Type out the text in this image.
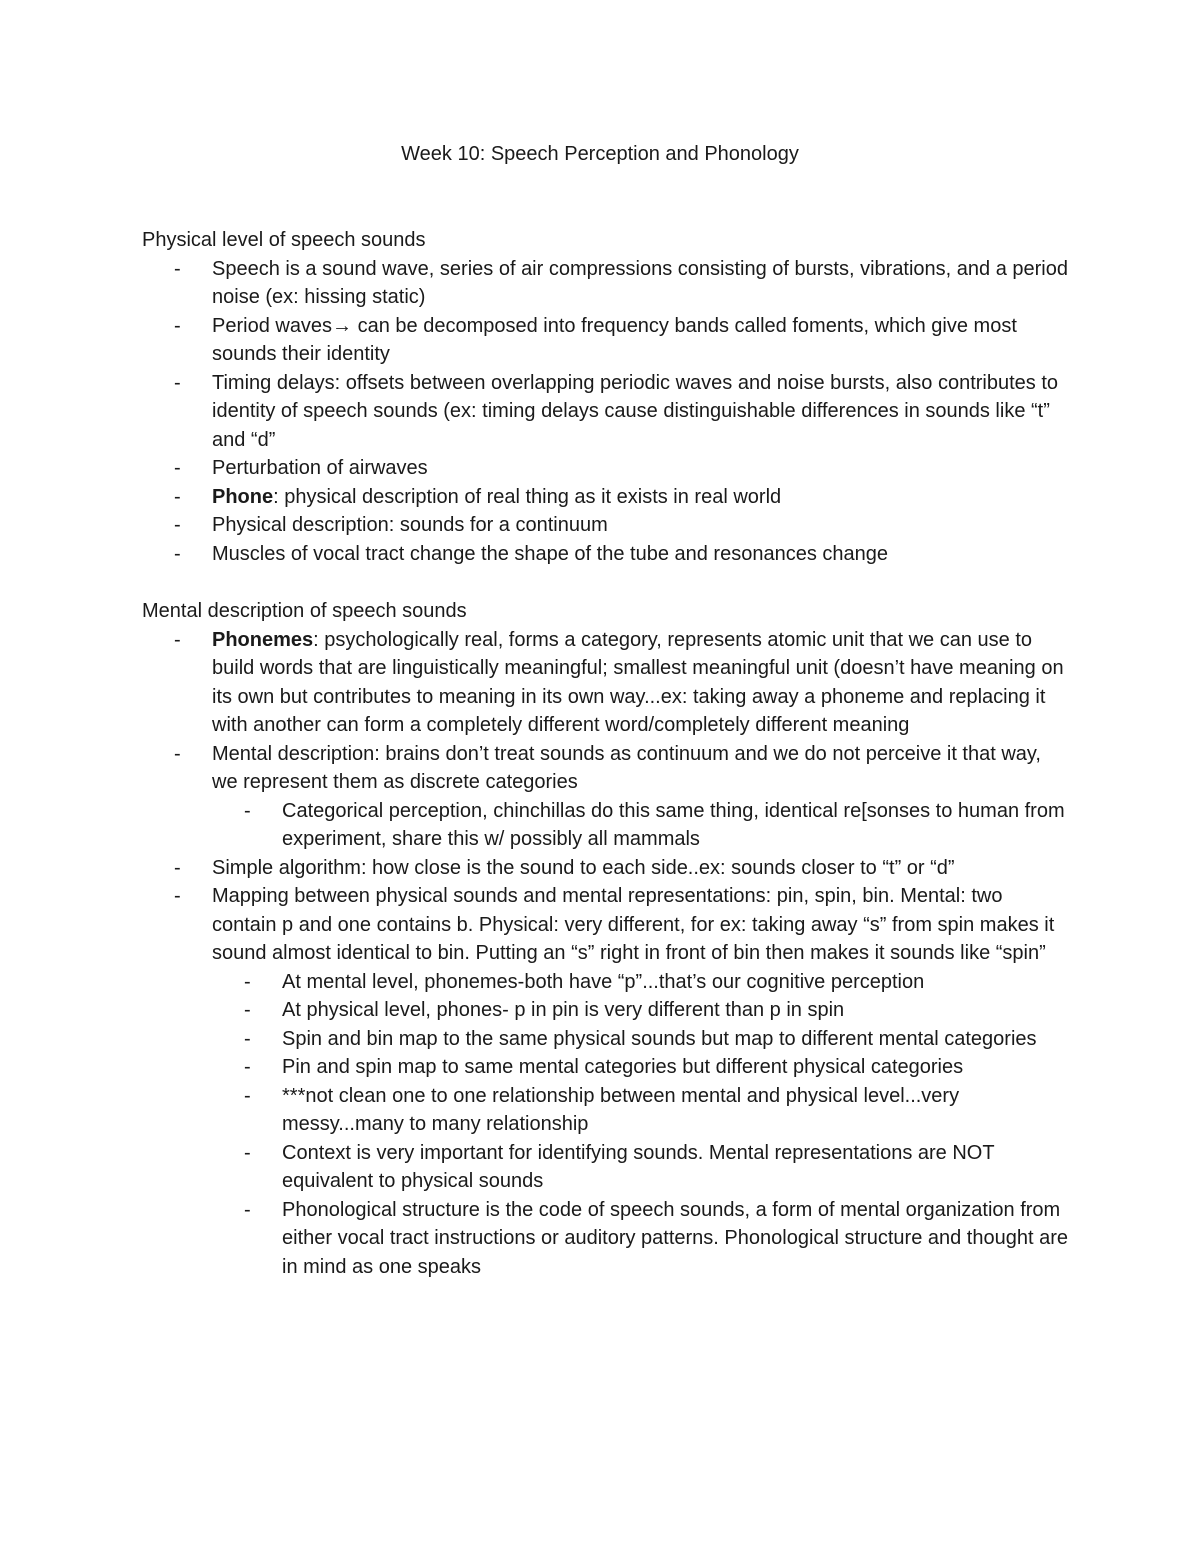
Week 10: Speech Perception and Phonology

Physical level of speech sounds

-	Speech is a sound wave, series of air compressions consisting of bursts, vibrations, and a period noise (ex: hissing static)
-	Period waves→ can be decomposed into frequency bands called foments, which give most sounds their identity
-	Timing delays: offsets between overlapping periodic waves and noise bursts, also contributes to identity of speech sounds (ex: timing delays cause distinguishable differences in sounds like “t” and “d”
-	Perturbation of airwaves
-	Phone: physical description of real thing as it exists in real world
-	Physical description: sounds for a continuum
-	Muscles of vocal tract change the shape of the tube and resonances change

Mental description of speech sounds

-	Phonemes: psychologically real, forms a category, represents atomic unit that we can use to build words that are linguistically meaningful; smallest meaningful unit (doesn’t have meaning on its own but contributes to meaning in its own way...ex: taking away a phoneme and replacing it with another can form a completely different word/completely different meaning
-	Mental description: brains don’t treat sounds as continuum and we do not perceive it that way, we represent them as discrete categories
-	Categorical perception, chinchillas do this same thing, identical re[sonses to human from experiment, share this w/ possibly all mammals
-	Simple algorithm: how close is the sound to each side..ex: sounds closer to “t” or “d”
-	Mapping between physical sounds and mental representations: pin, spin, bin. Mental: two contain p and one contains b. Physical: very different, for ex: taking away “s” from spin makes it sound almost identical to bin. Putting an “s” right in front of bin then makes it sounds like “spin”
-	At mental level, phonemes-both have “p”...that’s our cognitive perception
-	At physical level, phones- p in pin is very different than p in spin
-	Spin and bin map to the same physical sounds but map to different mental categories
-	Pin and spin map to same mental categories but different physical categories
-	***not clean one to one relationship between mental and physical level...very messy...many to many relationship
-	Context is very important for identifying sounds. Mental representations are NOT equivalent to physical sounds
-	Phonological structure is the code of speech sounds, a form of mental organization from either vocal tract instructions or auditory patterns. Phonological structure and thought are in mind as one speaks
